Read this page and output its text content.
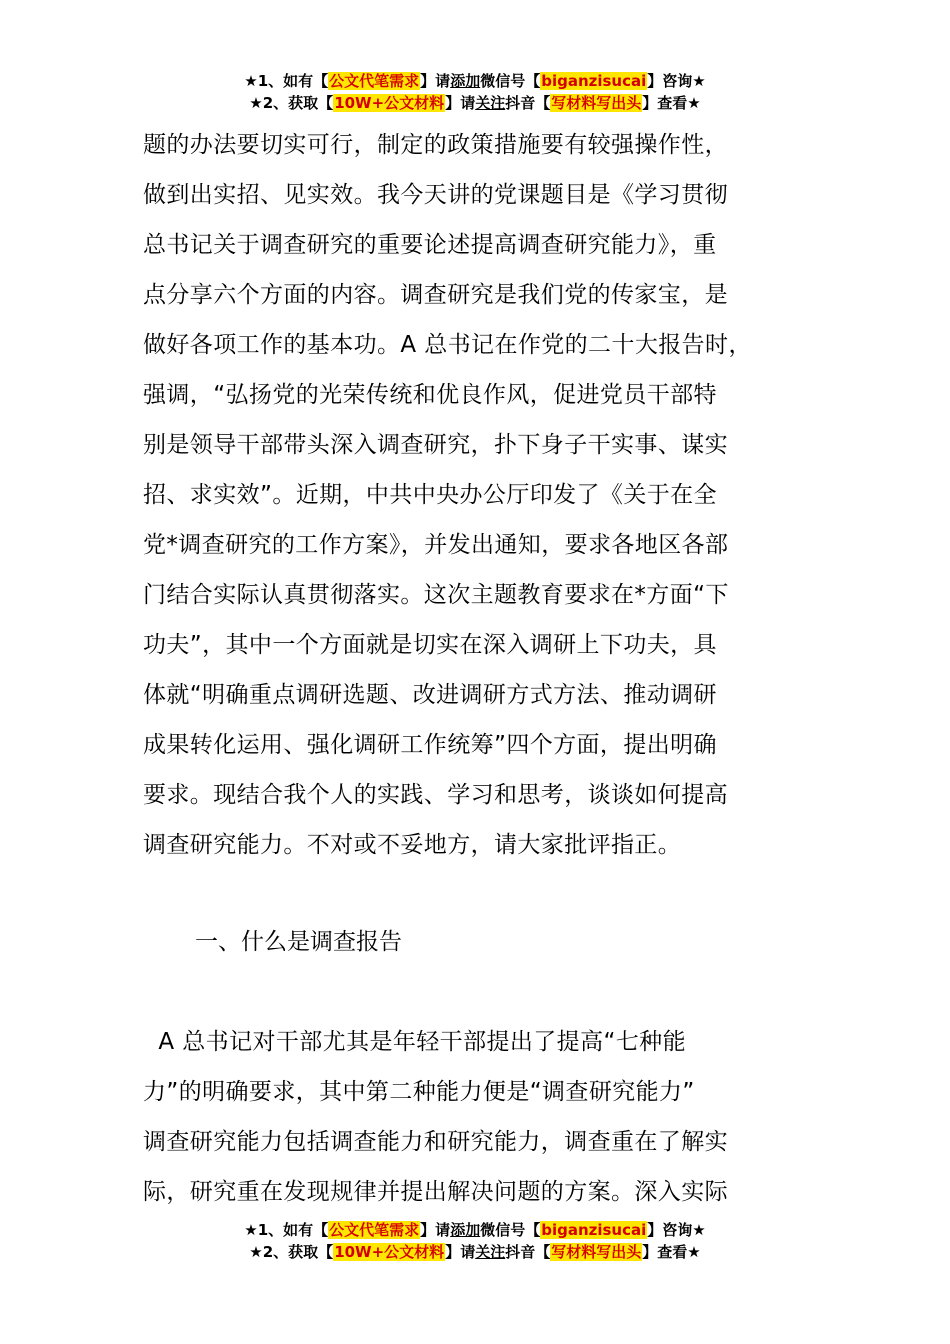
★1、如有【公文代笔需求】请添加微信号【biganzisucai】咨询★
★2、获取【10W+公文材料】请关注抖音【写材料写出头】查看★
题的办法要切实可行，制定的政策措施要有较强操作性，
做到出实招、见实效。我今天讲的党课题目是《学习贯彻
总书记关于调查研究的重要论述提高调查研究能力》，重
点分享六个方面的内容。调查研究是我们党的传家宝，是
做好各项工作的基本功。A 总书记在作党的二十大报告时，
强调，“弘扬党的光荣传统和优良作风，促进党员干部特
别是领导干部带头深入调查研究，扑下身子干实事、谋实
招、求实效”。近期，中共中央办公厅印发了《关于在全
党*调查研究的工作方案》，并发出通知，要求各地区各部
门结合实际认真贯彻落实。这次主题教育要求在*方面“下
功夫”，其中一个方面就是切实在深入调研上下功夫，具
体就“明确重点调研选题、改进调研方式方法、推动调研
成果转化运用、强化调研工作统筹”四个方面，提出明确
要求。现结合我个人的实践、学习和思考，谈谈如何提高
调查研究能力。不对或不妥地方，请大家批评指正。
一、什么是调查报告
A 总书记对干部尤其是年轻干部提出了提高“七种能
力”的明确要求，其中第二种能力便是“调查研究能力”
调查研究能力包括调查能力和研究能力，调查重在了解实
际，研究重在发现规律并提出解决问题的方案。深入实际
★1、如有【公文代笔需求】请添加微信号【biganzisucai】咨询★
★2、获取【10W+公文材料】请关注抖音【写材料写出头】查看★
